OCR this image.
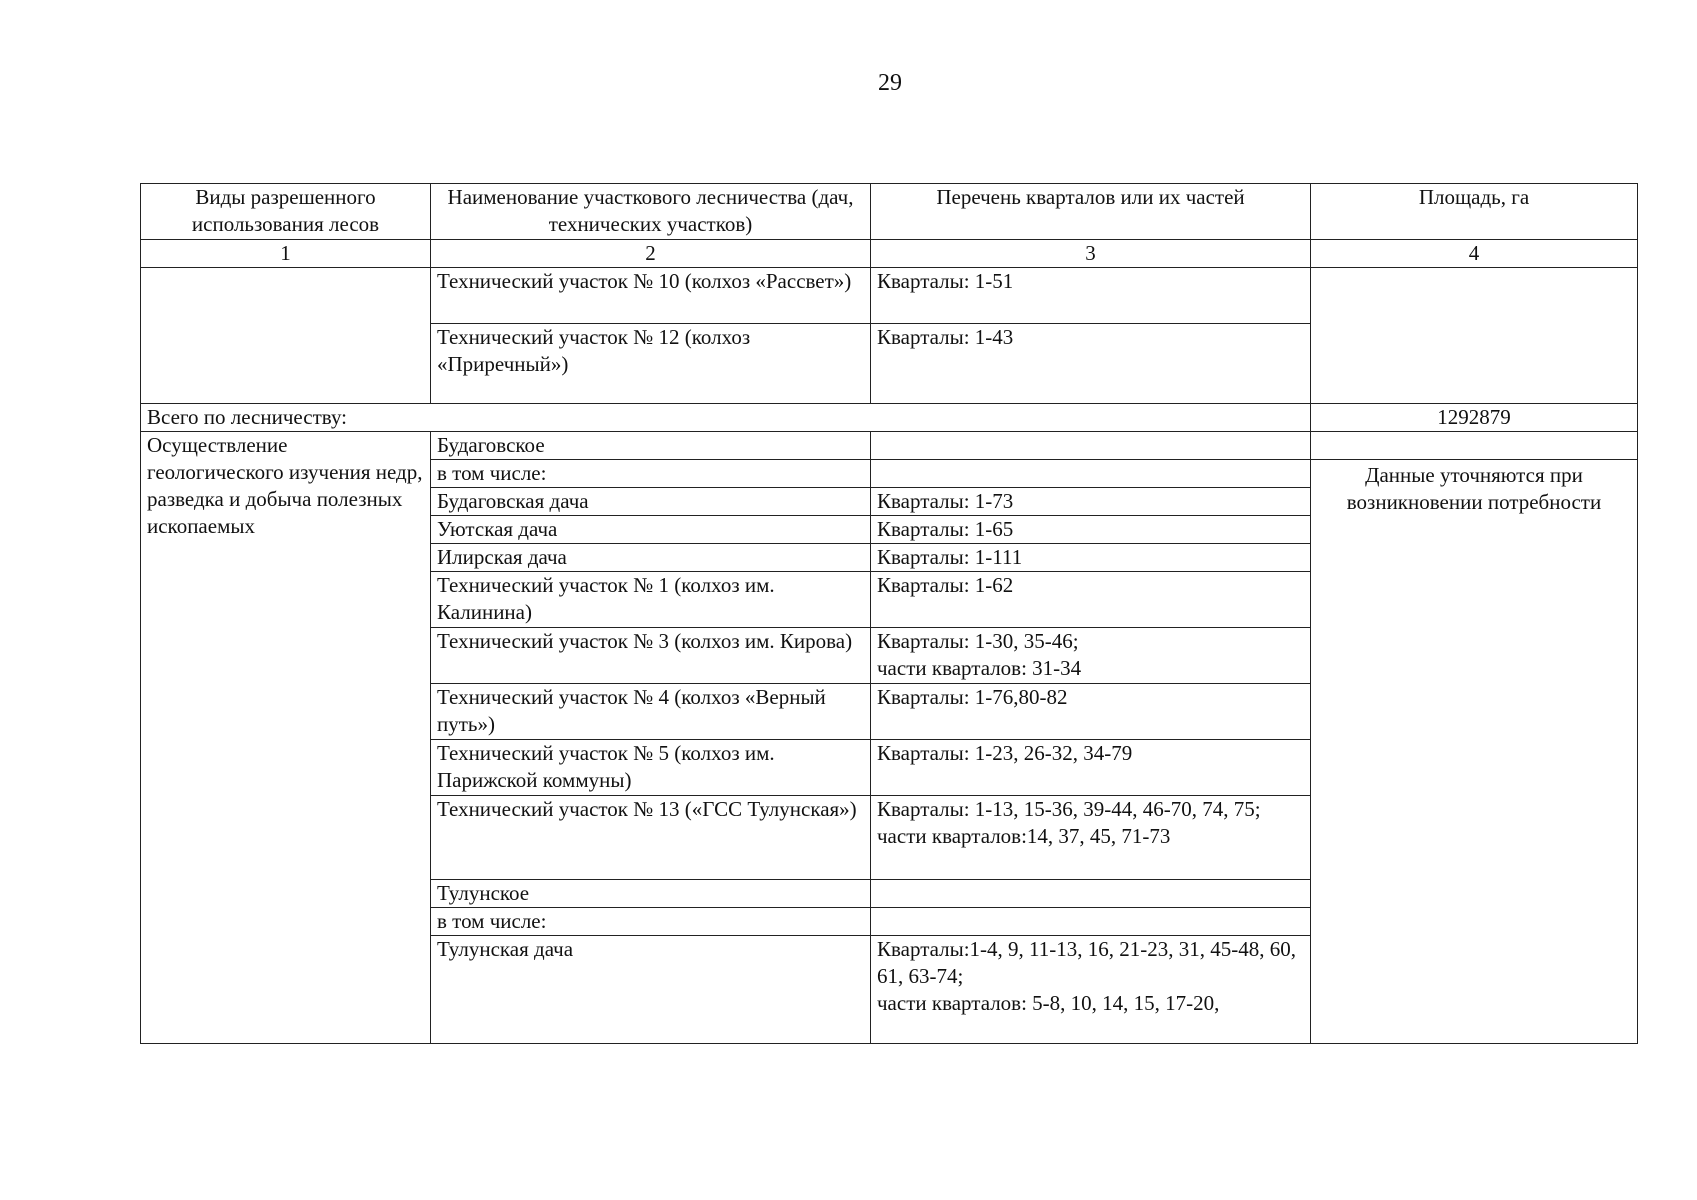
29
Виды разрешенного использования лесов	Наименование участкового лесничества (дач, технических участков)	Перечень кварталов или их частей	Площадь, га
1	2	3	4
	Технический участок № 10 (колхоз «Рассвет»)	Кварталы: 1-51	
	Технический участок № 12 (колхоз «Приречный»)	Кварталы: 1-43	
Всего по лесничеству:			1292879
Осуществление геологического изучения недр, разведка и добыча полезных ископаемых	Будаговское		
	в том числе:		Данные уточняются при возникновении потребности
	Будаговская дача	Кварталы: 1-73	
	Уютская дача	Кварталы: 1-65	
	Илирская дача	Кварталы: 1-111	
	Технический участок № 1 (колхоз им. Калинина)	Кварталы: 1-62	
	Технический участок № 3 (колхоз им. Кирова)	Кварталы: 1-30, 35-46;
части кварталов: 31-34	
	Технический участок № 4 (колхоз «Верный путь»)	Кварталы: 1-76,80-82	
	Технический участок № 5 (колхоз им. Парижской коммуны)	Кварталы: 1-23, 26-32, 34-79	
	Технический участок № 13 («ГСС Тулунская»)	Кварталы: 1-13, 15-36, 39-44, 46-70, 74, 75;
части кварталов:14, 37, 45, 71-73	
	Тулунское		
	в том числе:		
	Тулунская дача	Кварталы:1-4, 9, 11-13, 16, 21-23, 31, 45-48, 60, 61, 63-74;
части кварталов: 5-8, 10, 14, 15, 17-20,	
